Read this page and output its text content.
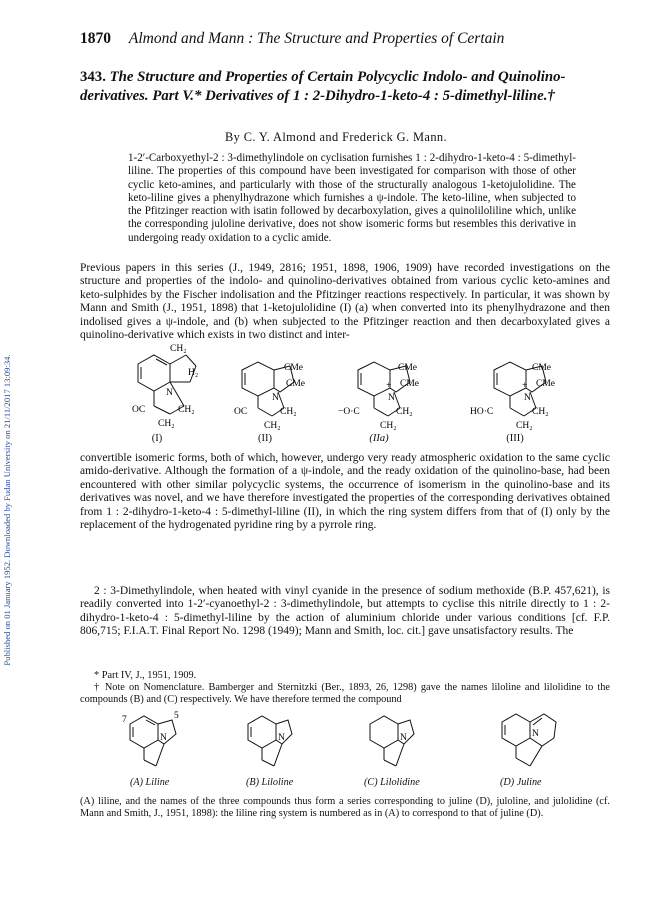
Published on 01 January 1952. Downloaded by Fudan University on 21/11/2017 13:09:34.
1870 Almond and Mann : The Structure and Properties of Certain
343. The Structure and Properties of Certain Polycyclic Indolo- and Quinolino-derivatives. Part V.* Derivatives of 1 : 2-Dihydro-1-keto-4 : 5-dimethyl-liline.†
By C. Y. Almond and Frederick G. Mann.
1-2′-Carboxyethyl-2 : 3-dimethylindole on cyclisation furnishes 1 : 2-dihydro-1-keto-4 : 5-dimethyl-liline. The properties of this compound have been investigated for comparison with those of other cyclic keto-amines, and particularly with those of the structurally analogous 1-ketojulolidine. The keto-liline gives a phenylhydrazone which furnishes a ψ-indole. The keto-liline, when subjected to the Pfitzinger reaction with isatin followed by decarboxylation, gives a quinoliloliline which, unlike the corresponding juloline derivative, does not show isomeric forms but resembles this derivative in undergoing ready oxidation to a cyclic amide.
Previous papers in this series (J., 1949, 2816; 1951, 1898, 1906, 1909) have recorded investigations on the structure and properties of the indolo- and quinolino-derivatives obtained from various cyclic keto-amines and keto-sulphides by the Fischer indolisation and the Pfitzinger reactions respectively. In particular, it was shown by Mann and Smith (J., 1951, 1898) that 1-ketojulolidine (I) (a) when converted into its phenylhydrazone and then indolised gives a ψ-indole, and (b) when subjected to the Pfitzinger reaction and then decarboxylated gives a quinolino-derivative which exists in two distinct and inter-
CH₂
H₂
N
OC	CH₂
CH₂
CMe
CMe
N
OC	CH₂
CH₂
CMe
CMe
+
N
−O·C	CH₂
CH₂
CMe
CMe
+
N
HO·C	CH₂
CH₂
(I)	(II)	(IIa)	(III)
convertible isomeric forms, both of which, however, undergo very ready atmospheric oxidation to the same cyclic amido-derivative. Although the formation of a ψ-indole, and the ready oxidation of the quinolino-base, had been encountered with other similar polycyclic systems, the occurrence of isomerism in the quinolino-base and its derivatives was novel, and we have therefore investigated the properties of the corresponding derivatives obtained from 1 : 2-dihydro-1-keto-4 : 5-dimethyl-liline (II), in which the ring system differs from that of (I) only by the replacement of the hydrogenated pyridine ring by a pyrrole ring.
2 : 3-Dimethylindole, when heated with vinyl cyanide in the presence of sodium methoxide (B.P. 457,621), is readily converted into 1-2′-cyanoethyl-2 : 3-dimethylindole, but attempts to cyclise this nitrile directly to 1 : 2-dihydro-1-keto-4 : 5-dimethyl-liline by the action of aluminium chloride under various conditions [cf. F.P. 806,715; F.I.A.T. Final Report No. 1298 (1949); Mann and Smith, loc. cit.] gave unsatisfactory results. The
* Part IV, J., 1951, 1909.
† Note on Nomenclature. Bamberger and Sternitzki (Ber., 1893, 26, 1298) gave the names liloline and lilolidine to the compounds (B) and (C) respectively. We have therefore termed the compound
N
7	5
N	N	N
(A) Liline	(B) Liloline	(C) Lilolidine	(D) Juline
(A) liline, and the names of the three compounds thus form a series corresponding to juline (D), juloline, and julolidine (cf. Mann and Smith, J., 1951, 1898): the liline ring system is numbered as in (A) to correspond to that of juline (D).
